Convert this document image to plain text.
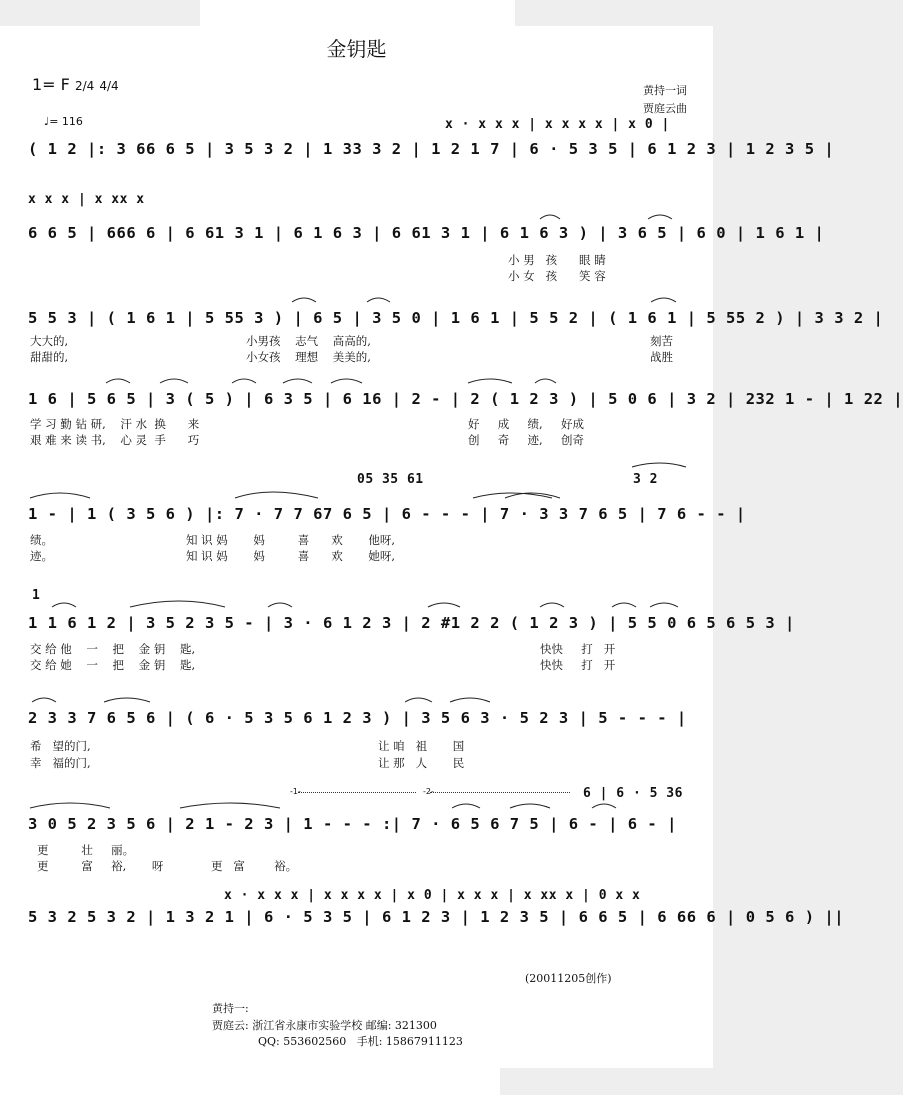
金钥匙
1= F 2/4 4/4	黄持一词
贾庭云曲
♩= 116	x · x x x | x x x x | x 0 |
( 1 2 |: 3 66 6 5 | 3 5 3 2 | 1 33 3 2 | 1 2 1 7 | 6 · 5 3 5 | 6 1 2 3 | 1 2 3 5 |
x x x | x xx x
6 6 5 | 666 6 | 6 61 3 1 | 6 1 6 3 | 6 61 3 1 | 6 1 6 3 ) | 3 6 5 | 6 0 | 1 6 1 |
小 男   孩      眼 睛
小 女   孩      笑 容
5 5 3 | ( 1 6 1 | 5 55 3 ) | 6 5 | 3 5 0 | 1 6 1 | 5 5 2 | ( 1 6 1 | 5 55 2 ) | 3 3 2 |
大大的,
甜甜的,
小男孩    志气    高高的,
小女孩    理想    美美的,
刻苦
战胜
1 6 | 5 6 5 | 3 ( 5 ) | 6 3 5 | 6 16 | 2 - | 2 ( 1 2 3 ) | 5 0 6 | 3 2 | 232 1 - | 1 22 |
学 习 勤 钻 研,    汗 水  换      来
艰 难 来 读 书,    心 灵  手      巧
好     成     绩,     好成
创     奇     迹,     创奇
05 35 61	3 2
1 - | 1 ( 3 5 6 ) |: 7 · 7 7 67 6 5 | 6 - - - | 7 · 3 3 7 6 5 | 7 6 - - |
绩。
迹。
知 识 妈       妈         喜      欢       他呀,
知 识 妈       妈         喜      欢       她呀,
1
1 1 6 1 2 | 3 5 2 3 5 - | 3 · 6 1 2 3 | 2 #1 2 2 ( 1 2 3 ) | 5 5 0 6 5 6 5 3 |
交 给 他    一    把    金 钥    匙,
交 给 她    一    把    金 钥    匙,
快快     打   开
快快     打   开
2 3 3 7 6 5 6 | ( 6 · 5 3 5 6 1 2 3 ) | 3 5 6 3 · 5 2 3 | 5 - - - |
希   望的门,
幸   福的门,
让 咱   祖       国
让 那   人       民
-1-	-2-	6 | 6 · 5 36
3 0 5 2 3 5 6 | 2 1 - 2 3 | 1 - - - :| 7 · 6 5 6 7 5 | 6 - | 6 - |
更         壮     丽。
更         富     裕,       呀             更   富        裕。
x · x x x | x x x x | x 0 | x x x | x xx x | 0 x x
5 3 2 5 3 2 | 1 3 2 1 | 6 · 5 3 5 | 6 1 2 3 | 1 2 3 5 | 6 6 5 | 6 66 6 | 0 5 6 ) ||
(20011205创作)
黄持一:
贾庭云: 浙江省永康市实验学校 邮编: 321300
QQ: 553602560   手机: 15867911123
